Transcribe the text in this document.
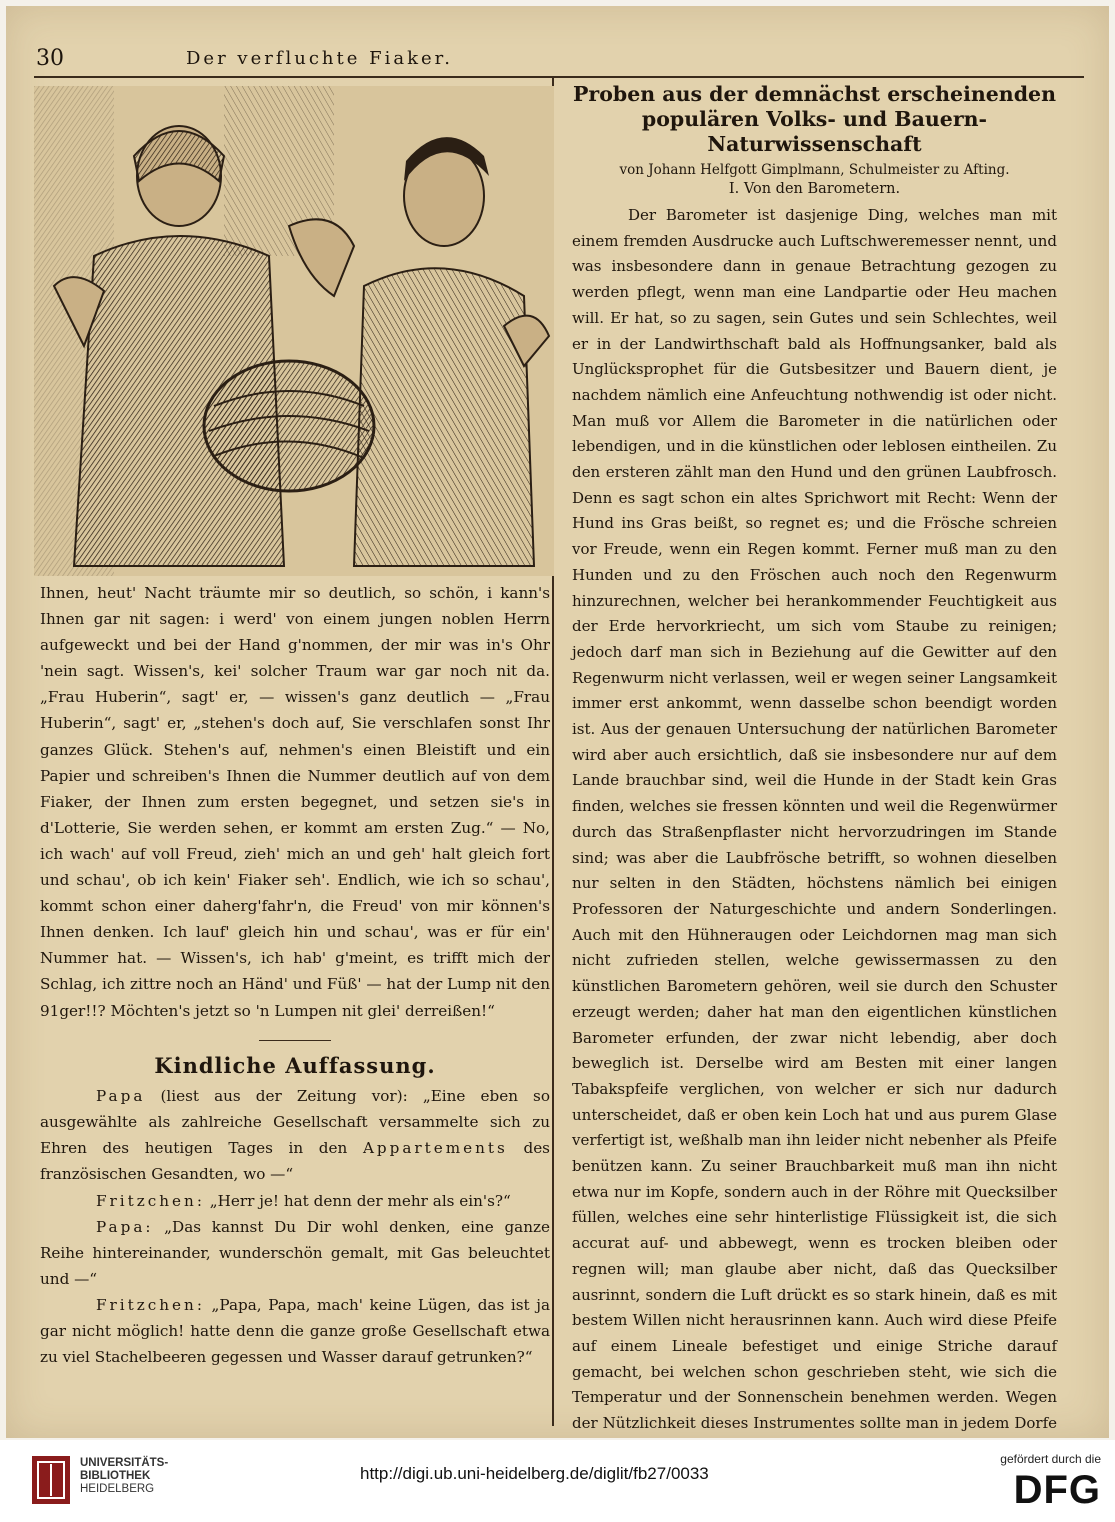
30	Der verfluchte Fiaker.

Ihnen, heut' Nacht träumte mir so deutlich, so schön, i kann's Ihnen gar nit sagen: i werd' von einem jungen noblen Herrn aufgeweckt und bei der Hand g'nommen, der mir was in's Ohr 'nein sagt. Wissen's, kei' solcher Traum war gar noch nit da. „Frau Huberin“, sagt' er, — wissen's ganz deutlich — „Frau Huberin“, sagt' er, „stehen's doch auf, Sie verschlafen sonst Ihr ganzes Glück. Stehen's auf, nehmen's einen Bleistift und ein Papier und schreiben's Ihnen die Nummer deutlich auf von dem Fiaker, der Ihnen zum ersten begegnet, und setzen sie's in d'Lotterie, Sie werden sehen, er kommt am ersten Zug.“ — No, ich wach' auf voll Freud, zieh' mich an und geh' halt gleich fort und schau', ob ich kein' Fiaker seh'. Endlich, wie ich so schau', kommt schon einer daherg'fahr'n, die Freud' von mir können's Ihnen denken. Ich lauf' gleich hin und schau', was er für ein' Nummer hat. — Wissen's, ich hab' g'meint, es trifft mich der Schlag, ich zittre noch an Händ' und Füß' — hat der Lump nit den 91ger!!? Möchten's jetzt so 'n Lumpen nit glei' derreißen!“

Kindliche Auffassung.

Papa (liest aus der Zeitung vor): „Eine eben so ausgewählte als zahlreiche Gesellschaft versammelte sich zu Ehren des heutigen Tages in den Appartements des französischen Gesandten, wo —“

Fritzchen: „Herr je! hat denn der mehr als ein's?“

Papa: „Das kannst Du Dir wohl denken, eine ganze Reihe hintereinander, wunderschön gemalt, mit Gas beleuchtet und —“

Fritzchen: „Papa, Papa, mach' keine Lügen, das ist ja gar nicht möglich! hatte denn die ganze große Gesellschaft etwa zu viel Stachelbeeren gegessen und Wasser darauf getrunken?“

Proben aus der demnächst erscheinenden populären Volks- und Bauern-Naturwissenschaft
von Johann Helfgott Gimplmann, Schulmeister zu Afting.
I. Von den Barometern.

Der Barometer ist dasjenige Ding, welches man mit einem fremden Ausdrucke auch Luftschweremesser nennt, und was insbesondere dann in genaue Betrachtung gezogen zu werden pflegt, wenn man eine Landpartie oder Heu machen will. Er hat, so zu sagen, sein Gutes und sein Schlechtes, weil er in der Landwirthschaft bald als Hoffnungsanker, bald als Unglücksprophet für die Gutsbesitzer und Bauern dient, je nachdem nämlich eine Anfeuchtung nothwendig ist oder nicht. Man muß vor Allem die Barometer in die natürlichen oder lebendigen, und in die künstlichen oder leblosen eintheilen. Zu den ersteren zählt man den Hund und den grünen Laubfrosch. Denn es sagt schon ein altes Sprichwort mit Recht: Wenn der Hund ins Gras beißt, so regnet es; und die Frösche schreien vor Freude, wenn ein Regen kommt. Ferner muß man zu den Hunden und zu den Fröschen auch noch den Regenwurm hinzurechnen, welcher bei herankommender Feuchtigkeit aus der Erde hervorkriecht, um sich vom Staube zu reinigen; jedoch darf man sich in Beziehung auf die Gewitter auf den Regenwurm nicht verlassen, weil er wegen seiner Langsamkeit immer erst ankommt, wenn dasselbe schon beendigt worden ist. Aus der genauen Untersuchung der natürlichen Barometer wird aber auch ersichtlich, daß sie insbesondere nur auf dem Lande brauchbar sind, weil die Hunde in der Stadt kein Gras finden, welches sie fressen könnten und weil die Regenwürmer durch das Straßenpflaster nicht hervorzudringen im Stande sind; was aber die Laubfrösche betrifft, so wohnen dieselben nur selten in den Städten, höchstens nämlich bei einigen Professoren der Naturgeschichte und andern Sonderlingen. Auch mit den Hühneraugen oder Leichdornen mag man sich nicht zufrieden stellen, welche gewissermassen zu den künstlichen Barometern gehören, weil sie durch den Schuster erzeugt werden; daher hat man den eigentlichen künstlichen Barometer erfunden, der zwar nicht lebendig, aber doch beweglich ist. Derselbe wird am Besten mit einer langen Tabakspfeife verglichen, von welcher er sich nur dadurch unterscheidet, daß er oben kein Loch hat und aus purem Glase verfertigt ist, weßhalb man ihn leider nicht nebenher als Pfeife benützen kann. Zu seiner Brauchbarkeit muß man ihn nicht etwa nur im Kopfe, sondern auch in der Röhre mit Quecksilber füllen, welches eine sehr hinterlistige Flüssigkeit ist, die sich accurat auf- und abbewegt, wenn es trocken bleiben oder regnen will; man glaube aber nicht, daß das Quecksilber ausrinnt, sondern die Luft drückt es so stark hinein, daß es mit bestem Willen nicht herausrinnen kann. Auch wird diese Pfeife auf einem Lineale befestiget und einige Striche darauf gemacht, bei welchen schon geschrieben steht, wie sich die Temperatur und der Sonnenschein benehmen werden. Wegen der Nützlichkeit dieses Instrumentes sollte man in jedem Dorfe

UNIVERSITÄTS-
BIBLIOTHEK
HEIDELBERG
http://digi.ub.uni-heidelberg.de/diglit/fb27/0033
gefördert durch die
DFG
